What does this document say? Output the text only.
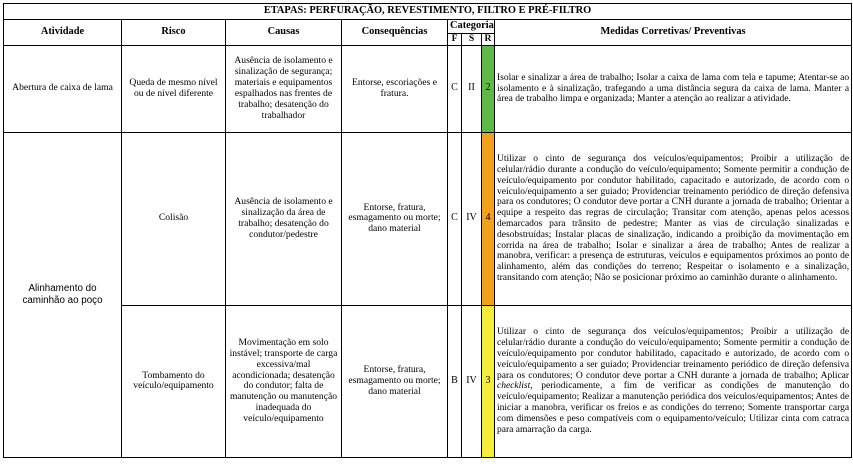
ETAPAS: PERFURAÇÃO, REVESTIMENTO, FILTRO E PRÉ-FILTRO							
Atividade	Risco	Causas	Consequências	Categoria			Medidas Corretivas/ Preventivas
				F	S	R	
Abertura de caixa de lama	Queda de mesmo nível ou de nível diferente	Ausência de isolamento e sinalização de segurança; materiais e equipamentos espalhados nas frentes de trabalho; desatenção do trabalhador	Entorse, escoriações e fratura.	C	II	2	Isolar e sinalizar a área de trabalho; Isolar a caixa de lama com tela e tapume; Atentar-se ao isolamento e à sinalização, trafegando a uma distância segura da caixa de lama. Manter a área de trabalho limpa e organizada; Manter a atenção ao realizar a atividade.
Alinhamento do caminhão ao poço	Colisão	Ausência de isolamento e sinalização da área de trabalho; desatenção do condutor/pedestre	Entorse, fratura, esmagamento ou morte; dano material	C	IV	4	Utilizar o cinto de segurança dos veículos/equipamentos; Proibir a utilização de celular/rádio durante a condução do veículo/equipamento; Somente permitir a condução de veículo/equipamento por condutor habilitado, capacitado e autorizado, de acordo com o veículo/equipamento a ser guiado; Providenciar treinamento periódico de direção defensiva para os condutores; O condutor deve portar a CNH durante a jornada de trabalho; Orientar a equipe a respeito das regras de circulação; Transitar com atenção, apenas pelos acessos demarcados para trânsito de pedestre; Manter as vias de circulação sinalizadas e desobstruídas; Instalar placas de sinalização, indicando a proibição da movimentação em corrida na área de trabalho; Isolar e sinalizar a área de trabalho; Antes de realizar a manobra, verificar: a presença de estruturas, veículos e equipamentos próximos ao ponto de alinhamento, além das condições do terreno; Respeitar o isolamento e a sinalização, transitando com atenção; Não se posicionar próximo ao caminhão durante o alinhamento.
	Tombamento do veículo/equipamento	Movimentação em solo instável; transporte de carga excessiva/mal acondicionada; desatenção do condutor; falta de manutenção ou manutenção inadequada do veículo/equipamento	Entorse, fratura, esmagamento ou morte; dano material	B	IV	3	Utilizar o cinto de segurança dos veículos/equipamentos; Proibir a utilização de celular/rádio durante a condução do veículo/equipamento; Somente permitir a condução de veículo/equipamento por condutor habilitado, capacitado e autorizado, de acordo com o veículo/equipamento a ser guiado; Providenciar treinamento periódico de direção defensiva para os condutores; O condutor deve portar a CNH durante a jornada de trabalho; Aplicar checklist, periodicamente, a fim de verificar as condições de manutenção do veículo/equipamento; Realizar a manutenção periódica dos veículos/equipamentos; Antes de iniciar a manobra, verificar os freios e as condições do terreno; Somente transportar carga com dimensões e peso compatíveis com o equipamento/veículo; Utilizar cinta com catraca para amarração da carga.
